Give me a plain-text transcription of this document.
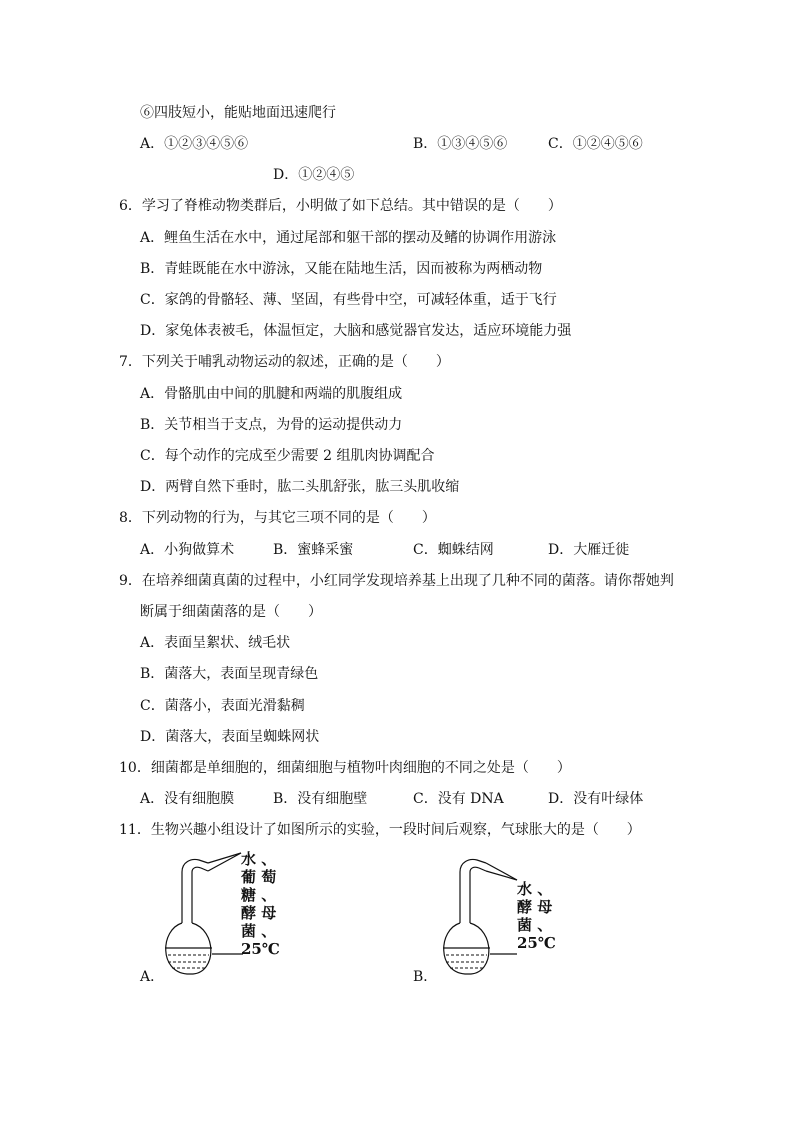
⑥四肢短小，能贴地面迅速爬行
A．①②③④⑤⑥	B．①③④⑤⑥	C．①②④⑤⑥
D．①②④⑤
6．学习了脊椎动物类群后，小明做了如下总结。其中错误的是（　　）
A．鲤鱼生活在水中，通过尾部和躯干部的摆动及鳍的协调作用游泳
B．青蛙既能在水中游泳，又能在陆地生活，因而被称为两栖动物
C．家鸽的骨骼轻、薄、坚固，有些骨中空，可减轻体重，适于飞行
D．家兔体表被毛，体温恒定，大脑和感觉器官发达，适应环境能力强
7．下列关于哺乳动物运动的叙述，正确的是（　　）
A．骨骼肌由中间的肌腱和两端的肌腹组成
B．关节相当于支点，为骨的运动提供动力
C．每个动作的完成至少需要 2 组肌肉协调配合
D．两臂自然下垂时，肱二头肌舒张，肱三头肌收缩
8．下列动物的行为，与其它三项不同的是（　　）
A．小狗做算术	B．蜜蜂采蜜	C．蜘蛛结网	D．大雁迁徙
9．在培养细菌真菌的过程中，小红同学发现培养基上出现了几种不同的菌落。请你帮她判
断属于细菌菌落的是（　　）
A．表面呈絮状、绒毛状
B．菌落大，表面呈现青绿色
C．菌落小，表面光滑黏稠
D．菌落大，表面呈蜘蛛网状
10．细菌都是单细胞的，细菌细胞与植物叶肉细胞的不同之处是（　　）
A．没有细胞膜	B．没有细胞壁	C．没有 DNA	D．没有叶绿体
11．生物兴趣小组设计了如图所示的实验，一段时间后观察，气球胀大的是（　　）
水 、
葡 萄
糖 、
酵 母
菌 、
25℃
A．
水 、
酵 母
菌 、
25℃
B．
